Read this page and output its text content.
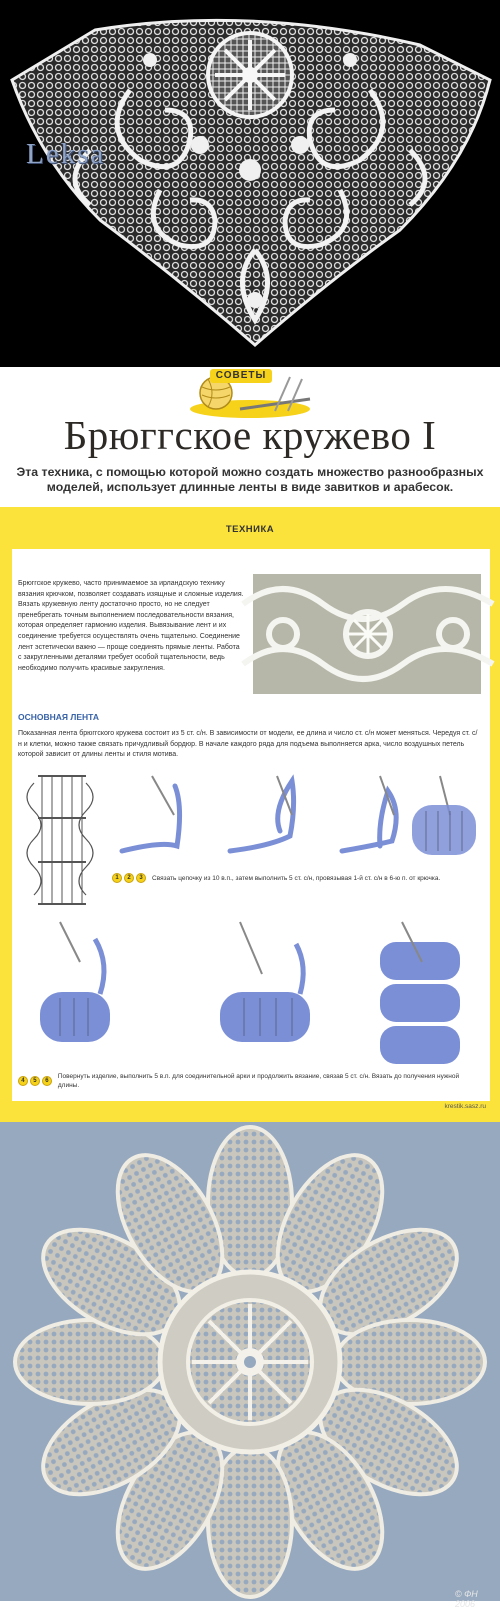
Leksa
СОВЕТЫ
Брюггское кружево I
Эта техника, с помощью которой можно создать множество разнообразных моделей, использует длинные ленты в виде завитков и арабесок.
ТЕХНИКА
Брюггское кружево, часто принимаемое за ирландскую технику вязания крючком, позволяет создавать изящные и сложные изделия. Вязать кружевную ленту достаточно просто, но не следует пренебрегать точным выполнением последовательности вязания, которая определяет гармонию изделия. Вывязывание лент и их соединение требуется осуществлять очень тщательно. Соединение лент эстетически важно — проще соединять прямые ленты. Работа с закругленными деталями требует особой тщательности, ведь необходимо получить красивые закругления.
ОСНОВНАЯ ЛЕНТА
Показанная лента брюггского кружева состоит из 5 ст. с/н. В зависимости от модели, ее длина и число ст. с/н может меняться. Чередуя ст. с/н и клетки, можно также связать причудливый бордюр. В начале каждого ряда для подъема выполняется арка, число воздушных петель которой зависит от длины ленты и стиля мотива.
1	2	3	Связать цепочку из 10 в.п., затем выполнить 5 ст. с/н, провязывая 1-й ст. с/н в 6-ю п. от крючка.
4	5	6
Повернуть изделие, выполнить 5 в.п. для соединительной арки и продолжить вязание, связав 5 ст. с/н. Вязать до получения нужной длины.
krestik.sasz.ru
© ФН 2006
